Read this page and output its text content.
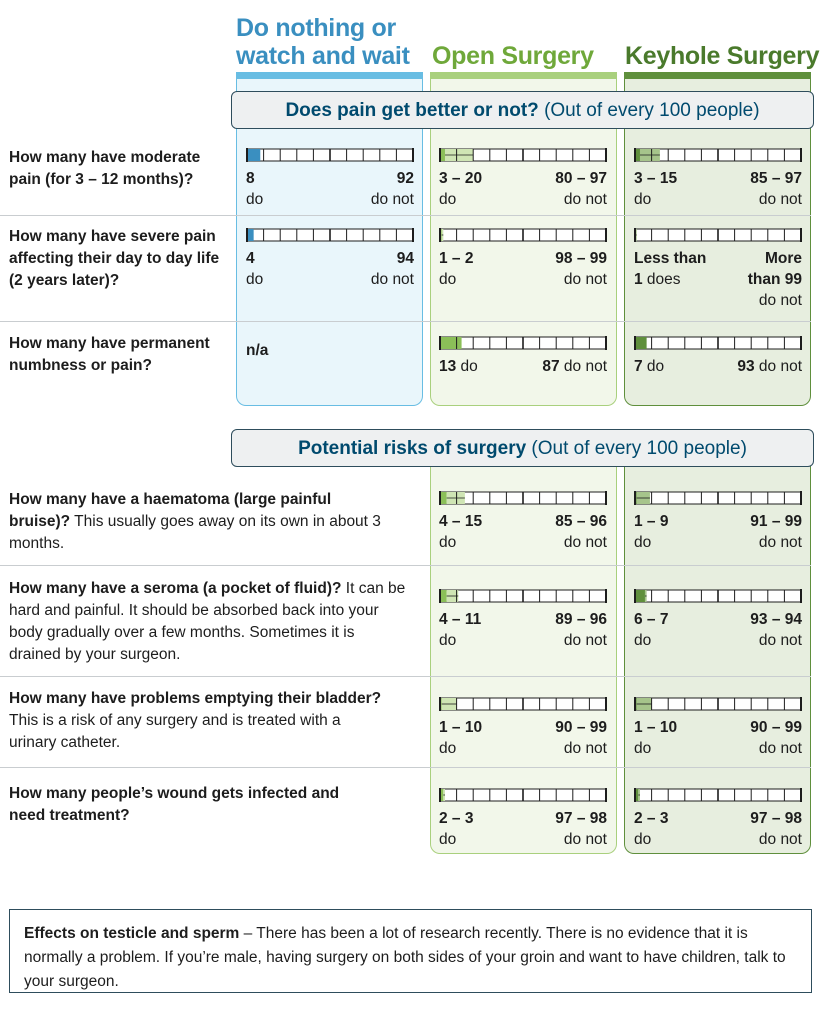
Do nothing or
watch and wait Open Surgery Keyhole Surgery
Does pain get better or not? (Out of every 100 people)
Potential risks of surgery (Out of every 100 people)
How many have moderate pain (for 3 – 12 months)?
How many have severe pain affecting their day to day life (2 years later)?
How many have permanent numbness or pain?
How many have a haematoma (large painful bruise)? This usually goes away on its own in about 3 months.
How many have a seroma (a pocket of fluid)? It can be hard and painful. It should be absorbed back into your body gradually over a few months. Sometimes it is drained by your surgeon.
How many have problems emptying their bladder? This is a risk of any surgery and is treated with a urinary catheter.
How many people’s wound gets infected and need treatment?
8
do
92
do not
3 – 20
do
80 – 97
do not
3 – 15
do
85 – 97
do not
4
do
94
do not
1 – 2
do
98 – 99
do not
Less than
1 does
More
than 99
do not
13 do	87 do not 7 do	93 do not
4 – 15
do
85 – 96
do not
1 – 9
do
91 – 99
do not
4 – 11
do
89 – 96
do not
6 – 7
do
93 – 94
do not
1 – 10
do
90 – 99
do not
1 – 10
do
90 – 99
do not
2 – 3
do
97 – 98
do not
2 – 3
do
97 – 98
do not
n/a
Effects on testicle and sperm – There has been a lot of research recently. There is no evidence that it is normally a problem. If you’re male, having surgery on both sides of your groin and want to have children, talk to your surgeon.
